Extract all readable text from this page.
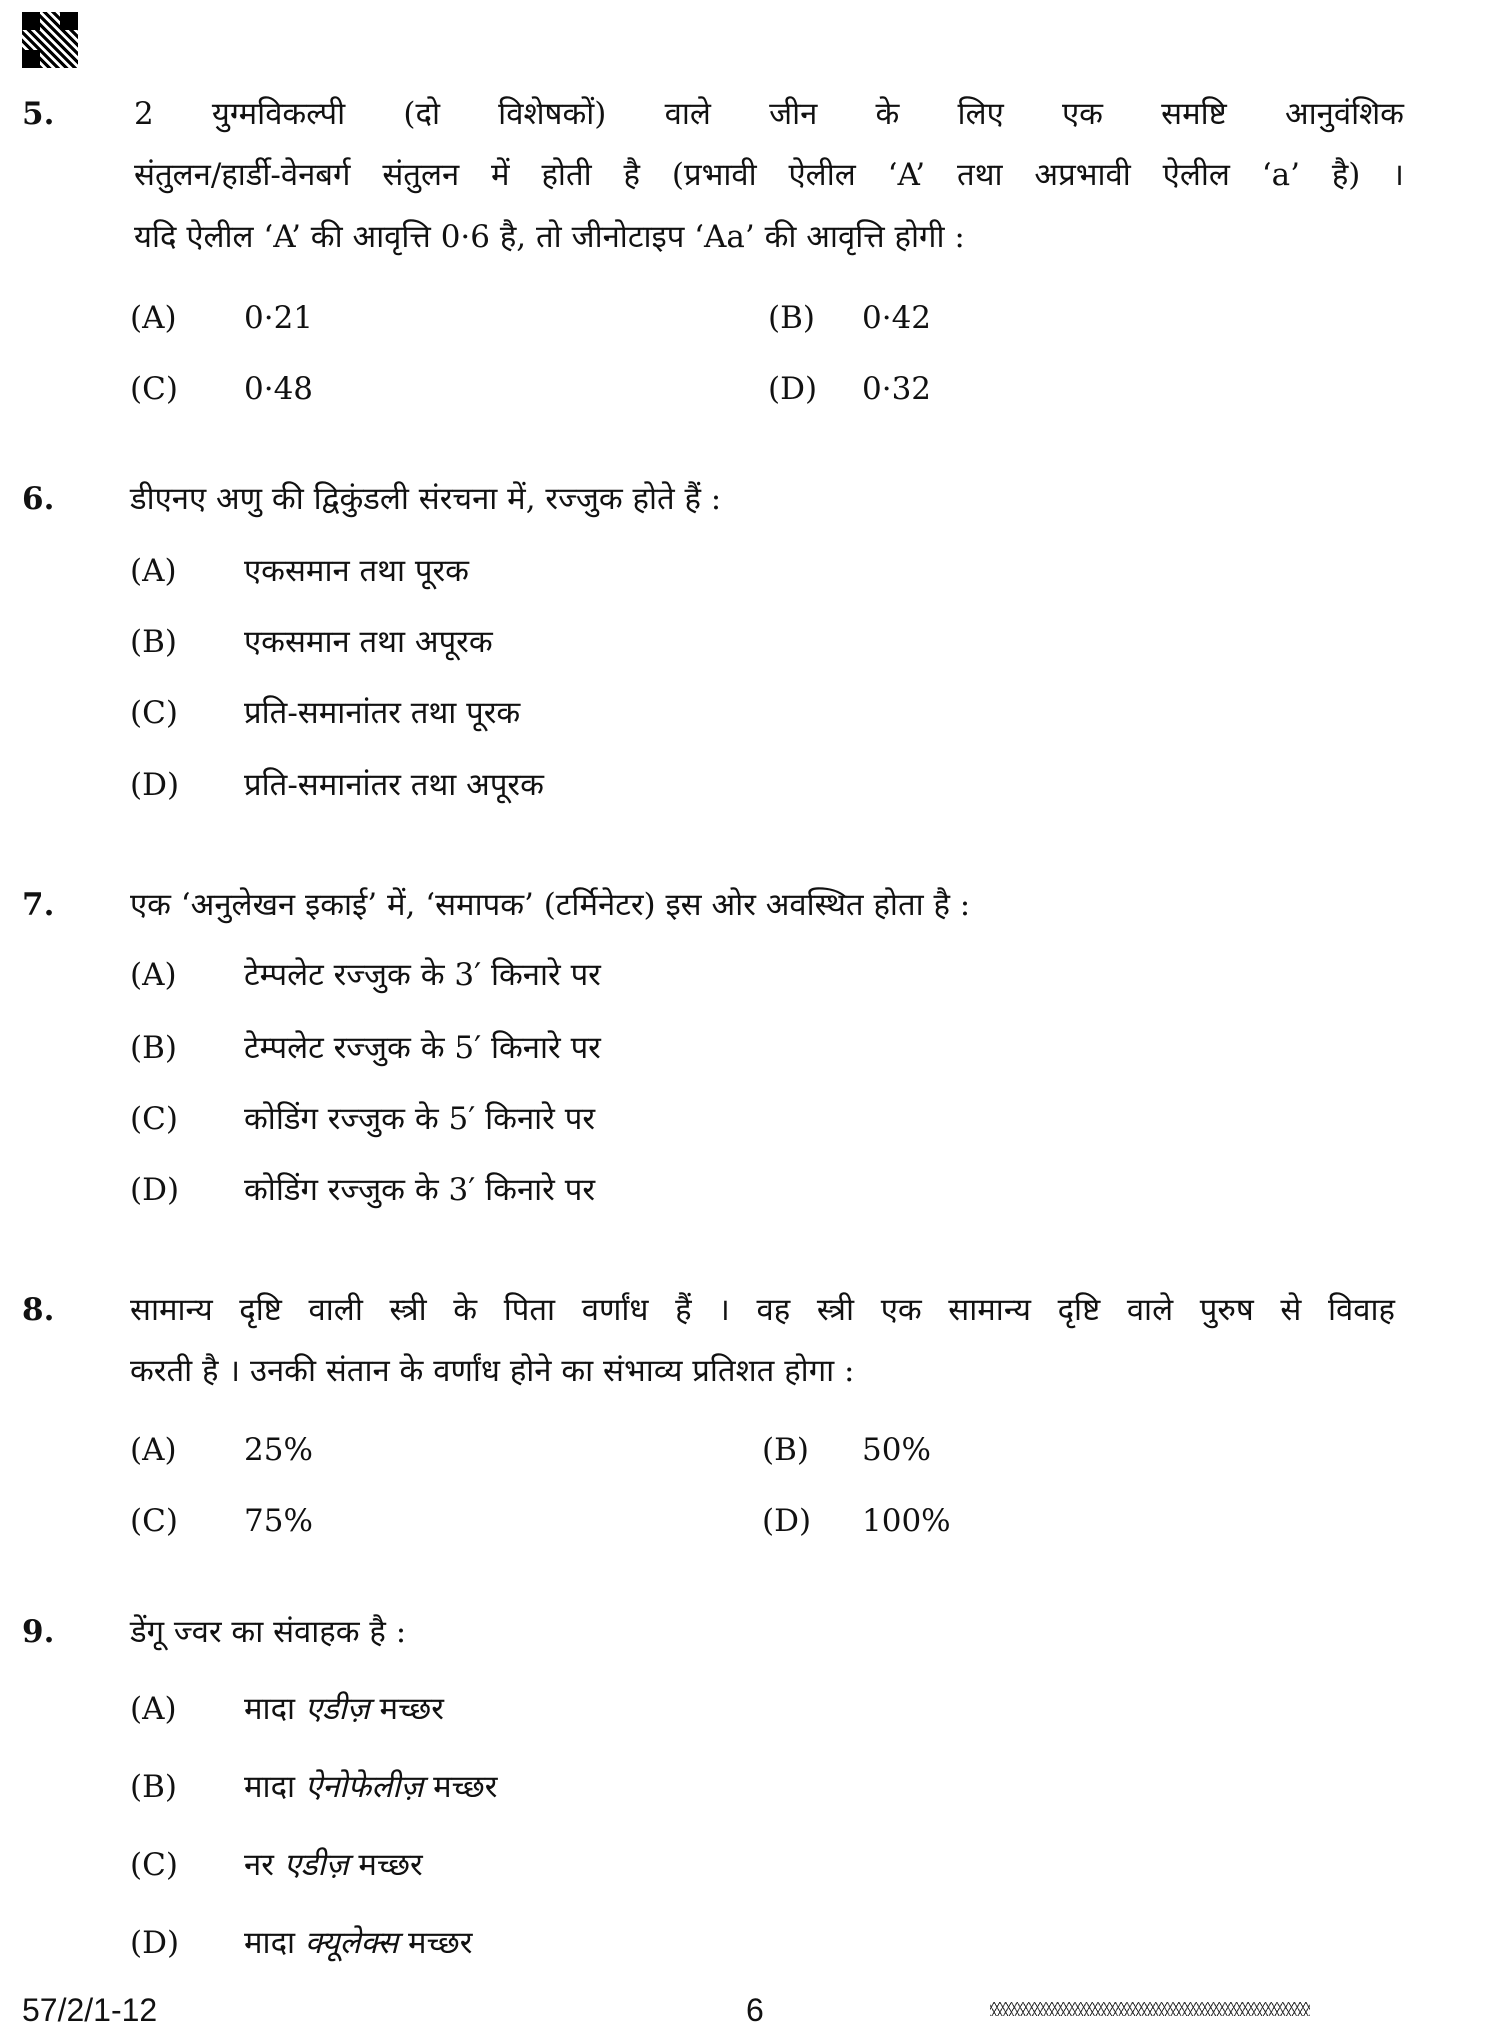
5.	2 युग्मविकल्पी (दो विशेषकों) वाले जीन के लिए एक समष्टि आनुवंशिक
संतुलन/हार्डी-वेनबर्ग संतुलन में होती है (प्रभावी ऐलील ‘A’ तथा अप्रभावी ऐलील ‘a’ है) ।
यदि ऐलील ‘A’ की आवृत्ति 0·6 है, तो जीनोटाइप ‘Aa’ की आवृत्ति होगी :
(A) 0·21	(B) 0·42
(C) 0·48	(D) 0·32
6. डीएनए अणु की द्विकुंडली संरचना में, रज्जुक होते हैं :
(A) एकसमान तथा पूरक
(B) एकसमान तथा अपूरक
(C) प्रति-समानांतर तथा पूरक
(D) प्रति-समानांतर तथा अपूरक
7. एक ‘अनुलेखन इकाई’ में, ‘समापक’ (टर्मिनेटर) इस ओर अवस्थित होता है :
(A) टेम्पलेट रज्जुक के 3′ किनारे पर
(B) टेम्पलेट रज्जुक के 5′ किनारे पर
(C) कोडिंग रज्जुक के 5′ किनारे पर
(D) कोडिंग रज्जुक के 3′ किनारे पर
8. सामान्य दृष्टि वाली स्त्री के पिता वर्णांध हैं । वह स्त्री एक सामान्य दृष्टि वाले पुरुष से विवाह
करती है । उनकी संतान के वर्णांध होने का संभाव्य प्रतिशत होगा :
(A) 25%	(B) 50%
(C) 75%	(D) 100%
9. डेंगू ज्वर का संवाहक है :
(A) मादा एडीज़ मच्छर
(B) मादा ऐनोफेलीज़ मच्छर
(C) नर एडीज़ मच्छर
(D) मादा क्यूलेक्स मच्छर
57/2/1-12	6
